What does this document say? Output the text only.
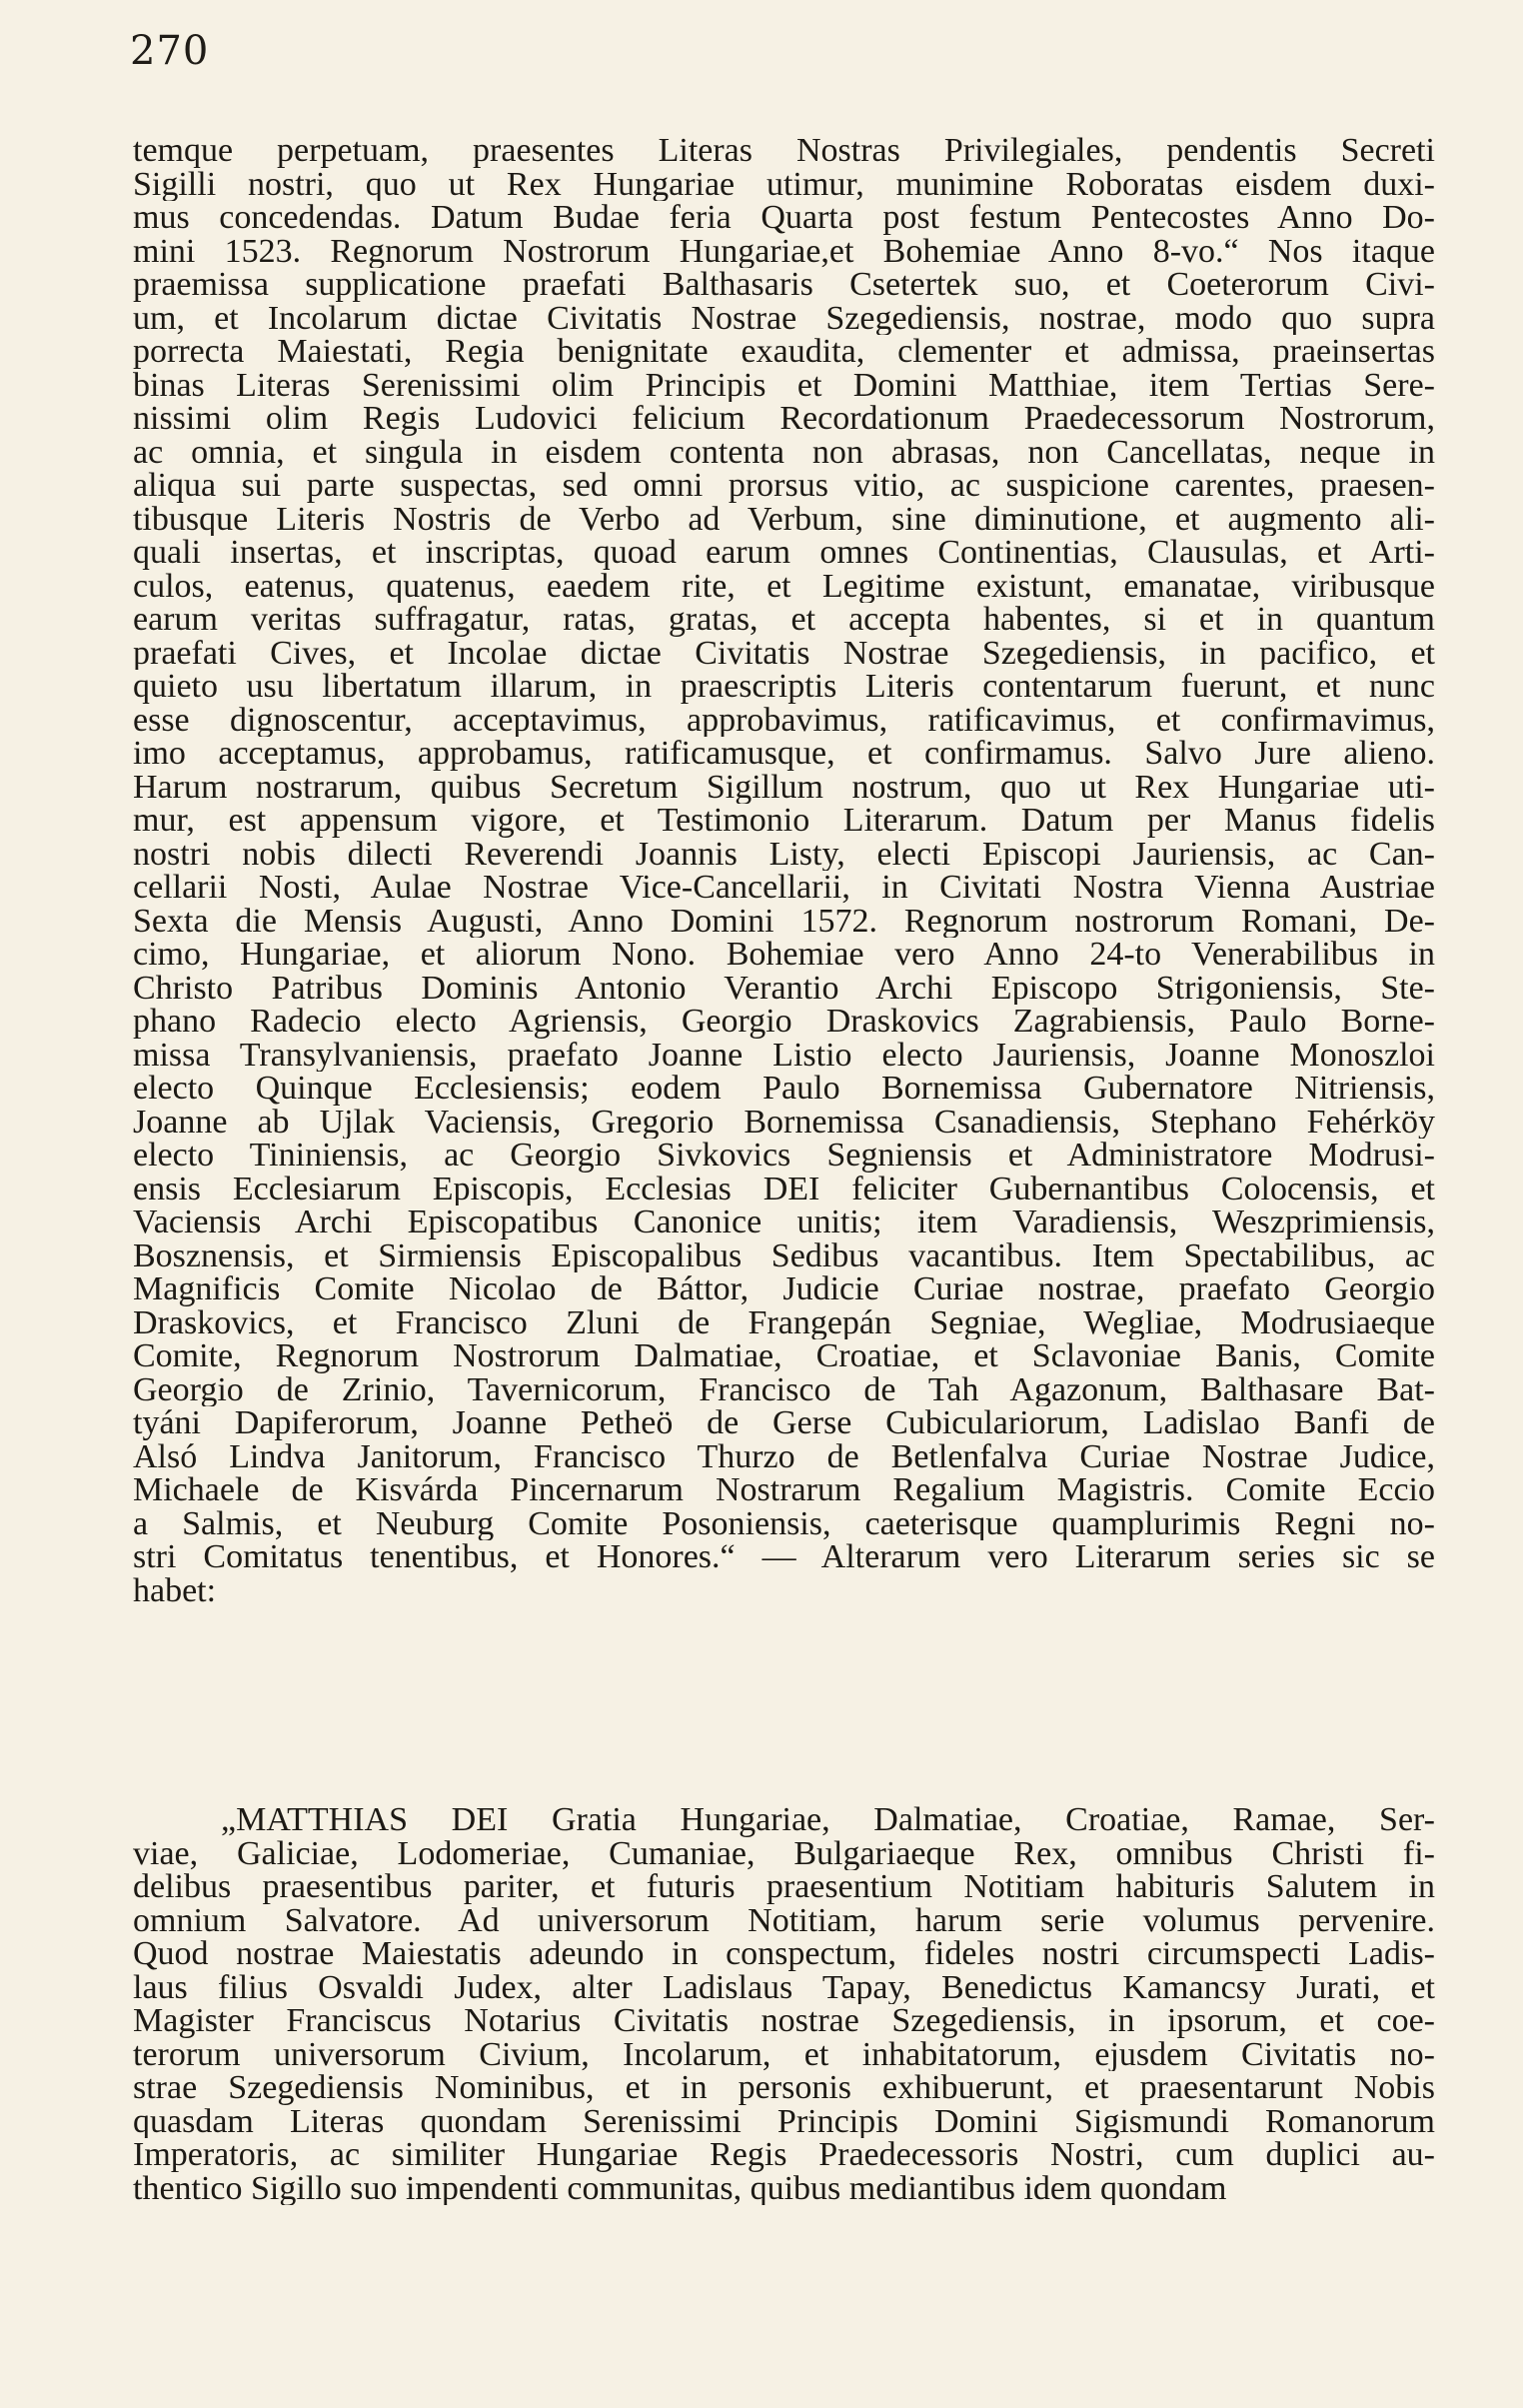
270
temque perpetuam, praesentes Literas Nostras Privilegiales, pendentis Secreti
Sigilli nostri, quo ut Rex Hungariae utimur, munimine Roboratas eisdem duxi-
mus concedendas. Datum Budae feria Quarta post festum Pentecostes Anno Do-
mini 1523. Regnorum Nostrorum Hungariae,et Bohemiae Anno 8-vo.“ Nos itaque
praemissa supplicatione praefati Balthasaris Csetertek suo, et Coeterorum Civi-
um, et Incolarum dictae Civitatis Nostrae Szegediensis, nostrae, modo quo supra
porrecta Maiestati, Regia benignitate exaudita, clementer et admissa, praeinsertas
binas Literas Serenissimi olim Principis et Domini Matthiae, item Tertias Sere-
nissimi olim Regis Ludovici felicium Recordationum Praedecessorum Nostrorum,
ac omnia, et singula in eisdem contenta non abrasas, non Cancellatas, neque in
aliqua sui parte suspectas, sed omni prorsus vitio, ac suspicione carentes, praesen-
tibusque Literis Nostris de Verbo ad Verbum, sine diminutione, et augmento ali-
quali insertas, et inscriptas, quoad earum omnes Continentias, Clausulas, et Arti-
culos, eatenus, quatenus, eaedem rite, et Legitime existunt, emanatae, viribusque
earum veritas suffragatur, ratas, gratas, et accepta habentes, si et in quantum
praefati Cives, et Incolae dictae Civitatis Nostrae Szegediensis, in pacifico, et
quieto usu libertatum illarum, in praescriptis Literis contentarum fuerunt, et nunc
esse dignoscentur, acceptavimus, approbavimus, ratificavimus, et confirmavimus,
imo acceptamus, approbamus, ratificamusque, et confirmamus. Salvo Jure alieno.
Harum nostrarum, quibus Secretum Sigillum nostrum, quo ut Rex Hungariae uti-
mur, est appensum vigore, et Testimonio Literarum. Datum per Manus fidelis
nostri nobis dilecti Reverendi Joannis Listy, electi Episcopi Jauriensis, ac Can-
cellarii Nosti, Aulae Nostrae Vice-Cancellarii, in Civitati Nostra Vienna Austriae
Sexta die Mensis Augusti, Anno Domini 1572. Regnorum nostrorum Romani, De-
cimo, Hungariae, et aliorum Nono. Bohemiae vero Anno 24-to Venerabilibus in
Christo Patribus Dominis Antonio Verantio Archi Episcopo Strigoniensis, Ste-
phano Radecio electo Agriensis, Georgio Draskovics Zagrabiensis, Paulo Borne-
missa Transylvaniensis, praefato Joanne Listio electo Jauriensis, Joanne Monoszloi
electo Quinque Ecclesiensis; eodem Paulo Bornemissa Gubernatore Nitriensis,
Joanne ab Ujlak Vaciensis, Gregorio Bornemissa Csanadiensis, Stephano Fehérköy
electo Tininiensis, ac Georgio Sivkovics Segniensis et Administratore Modrusi-
ensis Ecclesiarum Episcopis, Ecclesias DEI feliciter Gubernantibus Colocensis, et
Vaciensis Archi Episcopatibus Canonice unitis; item Varadiensis, Weszprimiensis,
Bosznensis, et Sirmiensis Episcopalibus Sedibus vacantibus. Item Spectabilibus, ac
Magnificis Comite Nicolao de Báttor, Judicie Curiae nostrae, praefato Georgio
Draskovics, et Francisco Zluni de Frangepán Segniae, Wegliae, Modrusiaeque
Comite, Regnorum Nostrorum Dalmatiae, Croatiae, et Sclavoniae Banis, Comite
Georgio de Zrinio, Tavernicorum, Francisco de Tah Agazonum, Balthasare Bat-
tyáni Dapiferorum, Joanne Petheö de Gerse Cubiculariorum, Ladislao Banfi de
Alsó Lindva Janitorum, Francisco Thurzo de Betlenfalva Curiae Nostrae Judice,
Michaele de Kisvárda Pincernarum Nostrarum Regalium Magistris. Comite Eccio
a Salmis, et Neuburg Comite Posoniensis, caeterisque quamplurimis Regni no-
stri Comitatus tenentibus, et Honores.“ — Alterarum vero Literarum series sic se
habet:
„MATTHIAS DEI Gratia Hungariae, Dalmatiae, Croatiae, Ramae, Ser-
viae, Galiciae, Lodomeriae, Cumaniae, Bulgariaeque Rex, omnibus Christi fi-
delibus praesentibus pariter, et futuris praesentium Notitiam habituris Salutem in
omnium Salvatore. Ad universorum Notitiam, harum serie volumus pervenire.
Quod nostrae Maiestatis adeundo in conspectum, fideles nostri circumspecti Ladis-
laus filius Osvaldi Judex, alter Ladislaus Tapay, Benedictus Kamancsy Jurati, et
Magister Franciscus Notarius Civitatis nostrae Szegediensis, in ipsorum, et coe-
terorum universorum Civium, Incolarum, et inhabitatorum, ejusdem Civitatis no-
strae Szegediensis Nominibus, et in personis exhibuerunt, et praesentarunt Nobis
quasdam Literas quondam Serenissimi Principis Domini Sigismundi Romanorum
Imperatoris, ac similiter Hungariae Regis Praedecessoris Nostri, cum duplici au-
thentico Sigillo suo impendenti communitas, quibus mediantibus idem quondam
